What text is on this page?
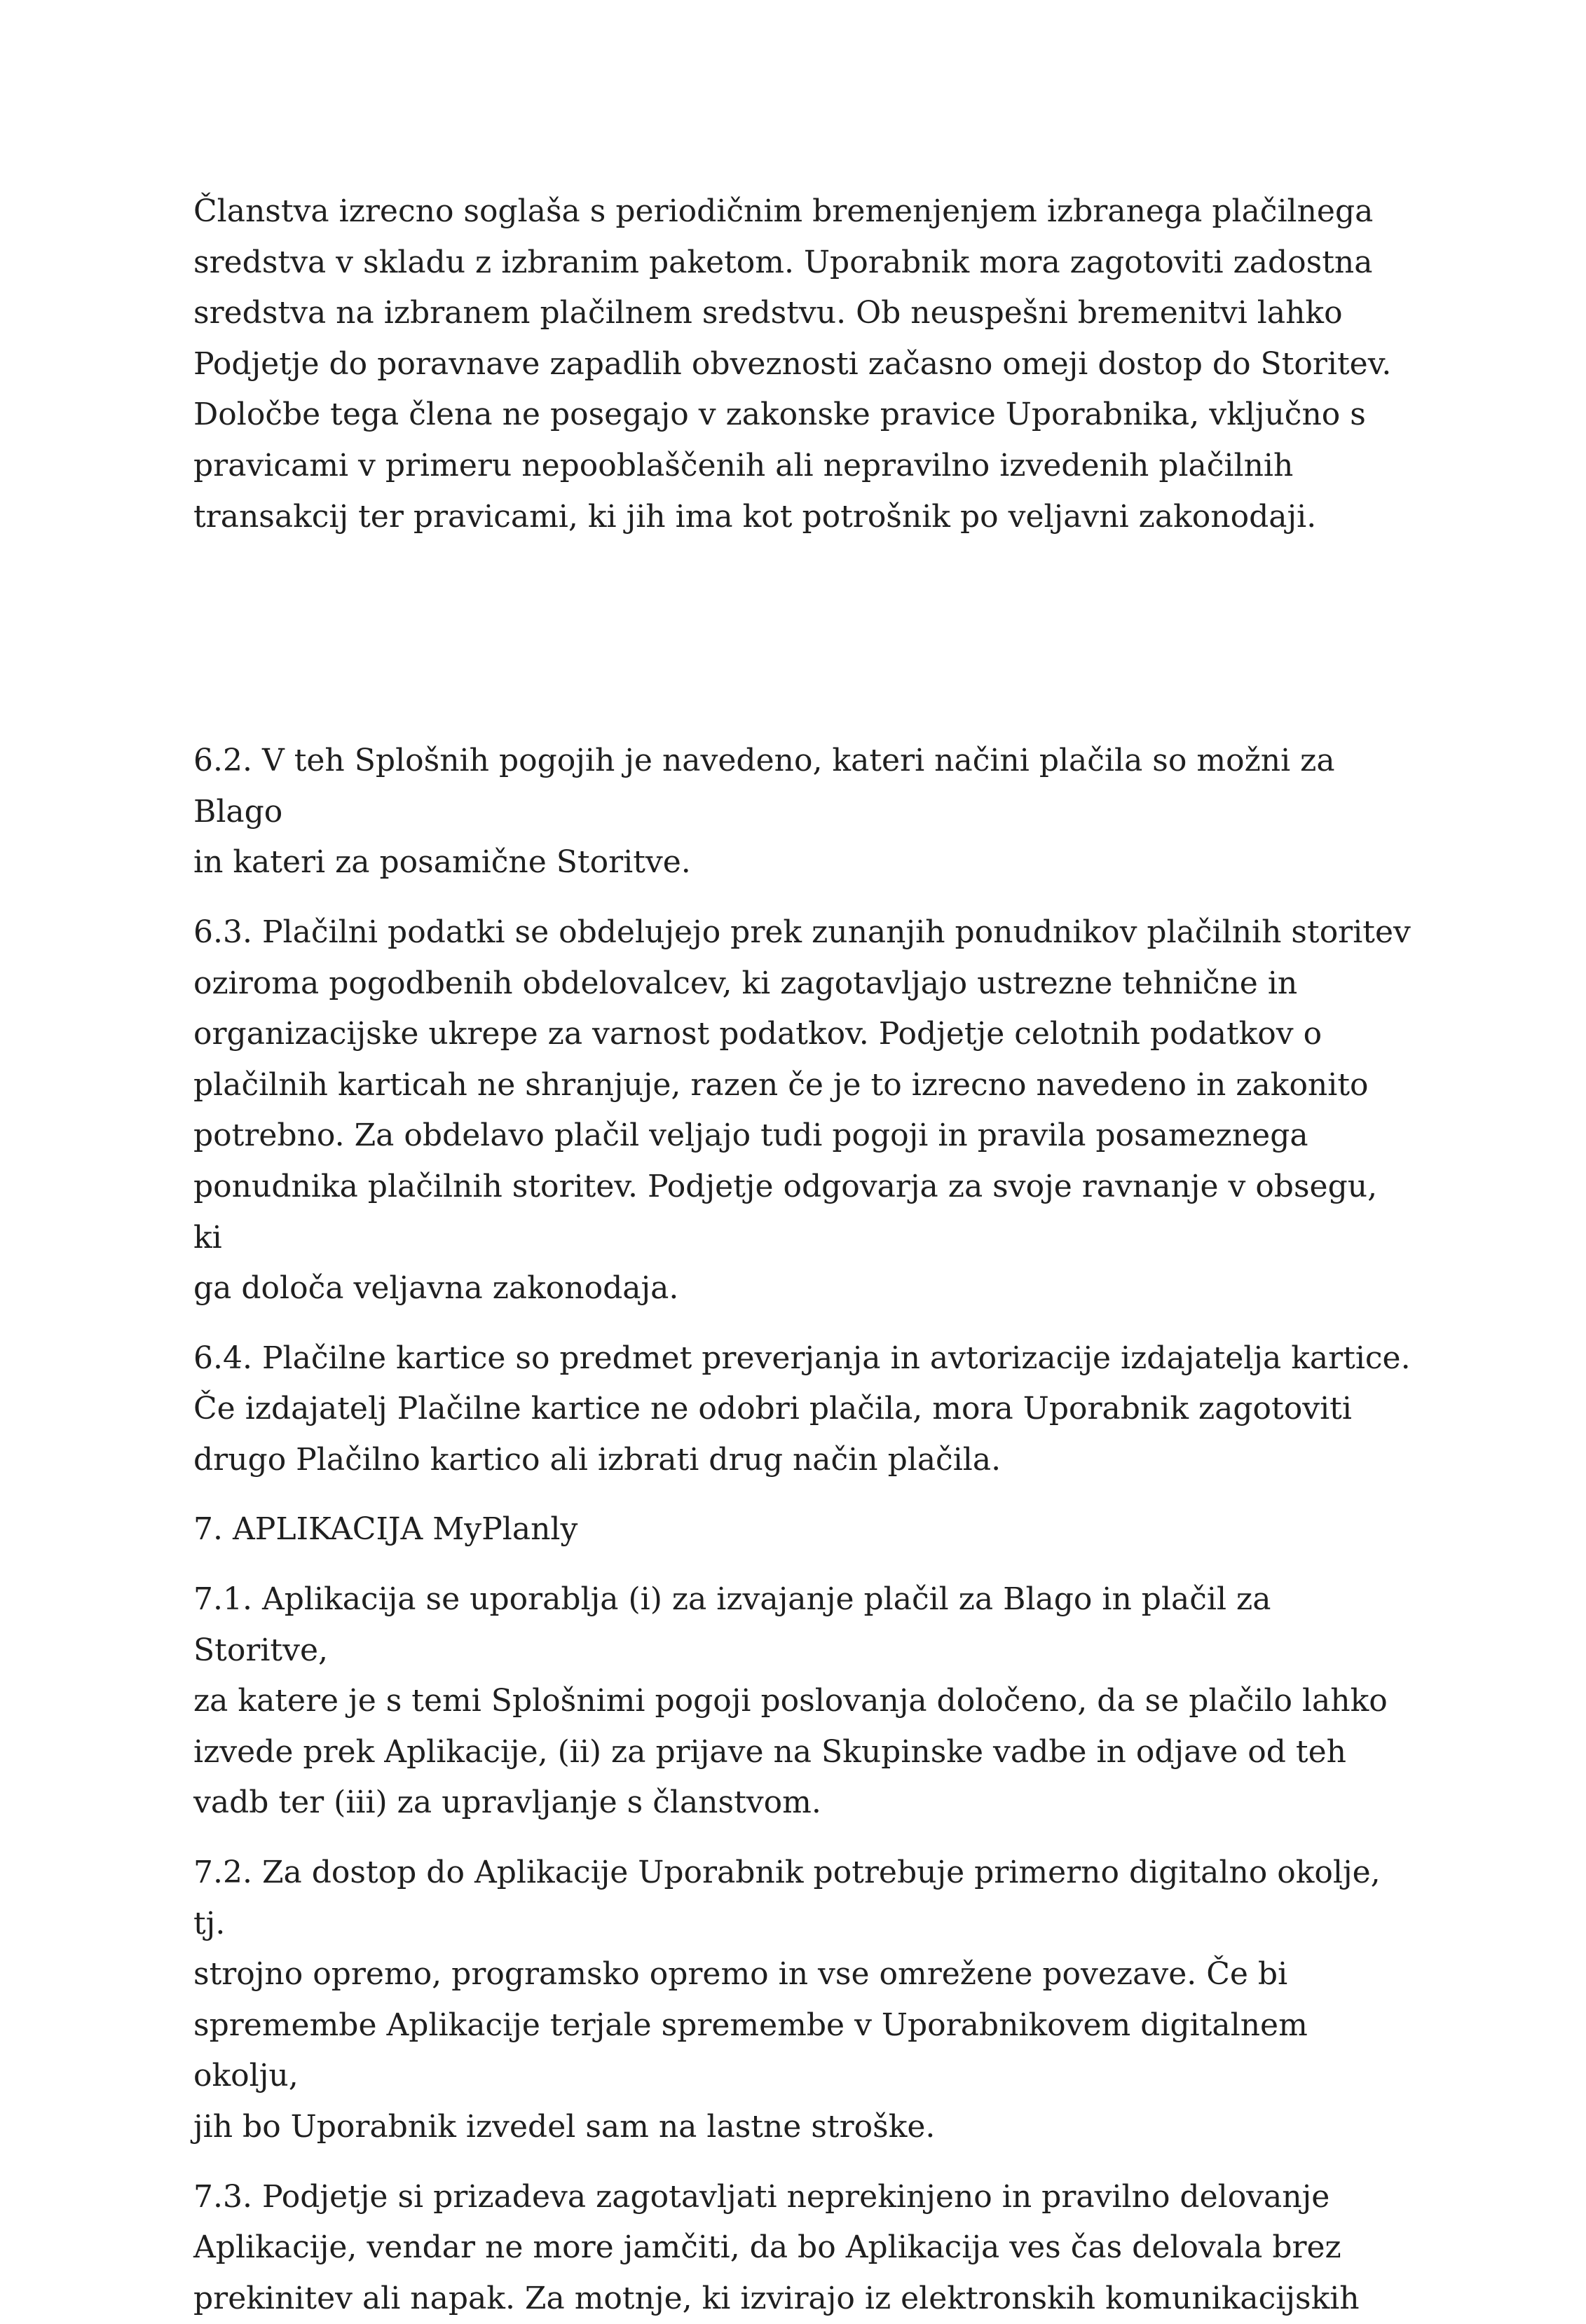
Članstva izrecno soglaša s periodičnim bremenjenjem izbranega plačilnega
sredstva v skladu z izbranim paketom. Uporabnik mora zagotoviti zadostna
sredstva na izbranem plačilnem sredstvu. Ob neuspešni bremenitvi lahko
Podjetje do poravnave zapadlih obveznosti začasno omeji dostop do Storitev.
Določbe tega člena ne posegajo v zakonske pravice Uporabnika, vključno s
pravicami v primeru nepooblaščenih ali nepravilno izvedenih plačilnih
transakcij ter pravicami, ki jih ima kot potrošnik po veljavni zakonodaji.

6.2. V teh Splošnih pogojih je navedeno, kateri načini plačila so možni za Blago
in kateri za posamične Storitve.

6.3. Plačilni podatki se obdelujejo prek zunanjih ponudnikov plačilnih storitev
oziroma pogodbenih obdelovalcev, ki zagotavljajo ustrezne tehnične in
organizacijske ukrepe za varnost podatkov. Podjetje celotnih podatkov o
plačilnih karticah ne shranjuje, razen če je to izrecno navedeno in zakonito
potrebno. Za obdelavo plačil veljajo tudi pogoji in pravila posameznega
ponudnika plačilnih storitev. Podjetje odgovarja za svoje ravnanje v obsegu, ki
ga določa veljavna zakonodaja.

6.4. Plačilne kartice so predmet preverjanja in avtorizacije izdajatelja kartice.
Če izdajatelj Plačilne kartice ne odobri plačila, mora Uporabnik zagotoviti
drugo Plačilno kartico ali izbrati drug način plačila.

7. APLIKACIJA MyPlanly

7.1. Aplikacija se uporablja (i) za izvajanje plačil za Blago in plačil za Storitve,
za katere je s temi Splošnimi pogoji poslovanja določeno, da se plačilo lahko
izvede prek Aplikacije, (ii) za prijave na Skupinske vadbe in odjave od teh
vadb ter (iii) za upravljanje s članstvom.

7.2. Za dostop do Aplikacije Uporabnik potrebuje primerno digitalno okolje, tj.
strojno opremo, programsko opremo in vse omrežene povezave. Če bi
spremembe Aplikacije terjale spremembe v Uporabnikovem digitalnem okolju,
jih bo Uporabnik izvedel sam na lastne stroške.

7.3. Podjetje si prizadeva zagotavljati neprekinjeno in pravilno delovanje
Aplikacije, vendar ne more jamčiti, da bo Aplikacija ves čas delovala brez
prekinitev ali napak. Za motnje, ki izvirajo iz elektronskih komunikacijskih
